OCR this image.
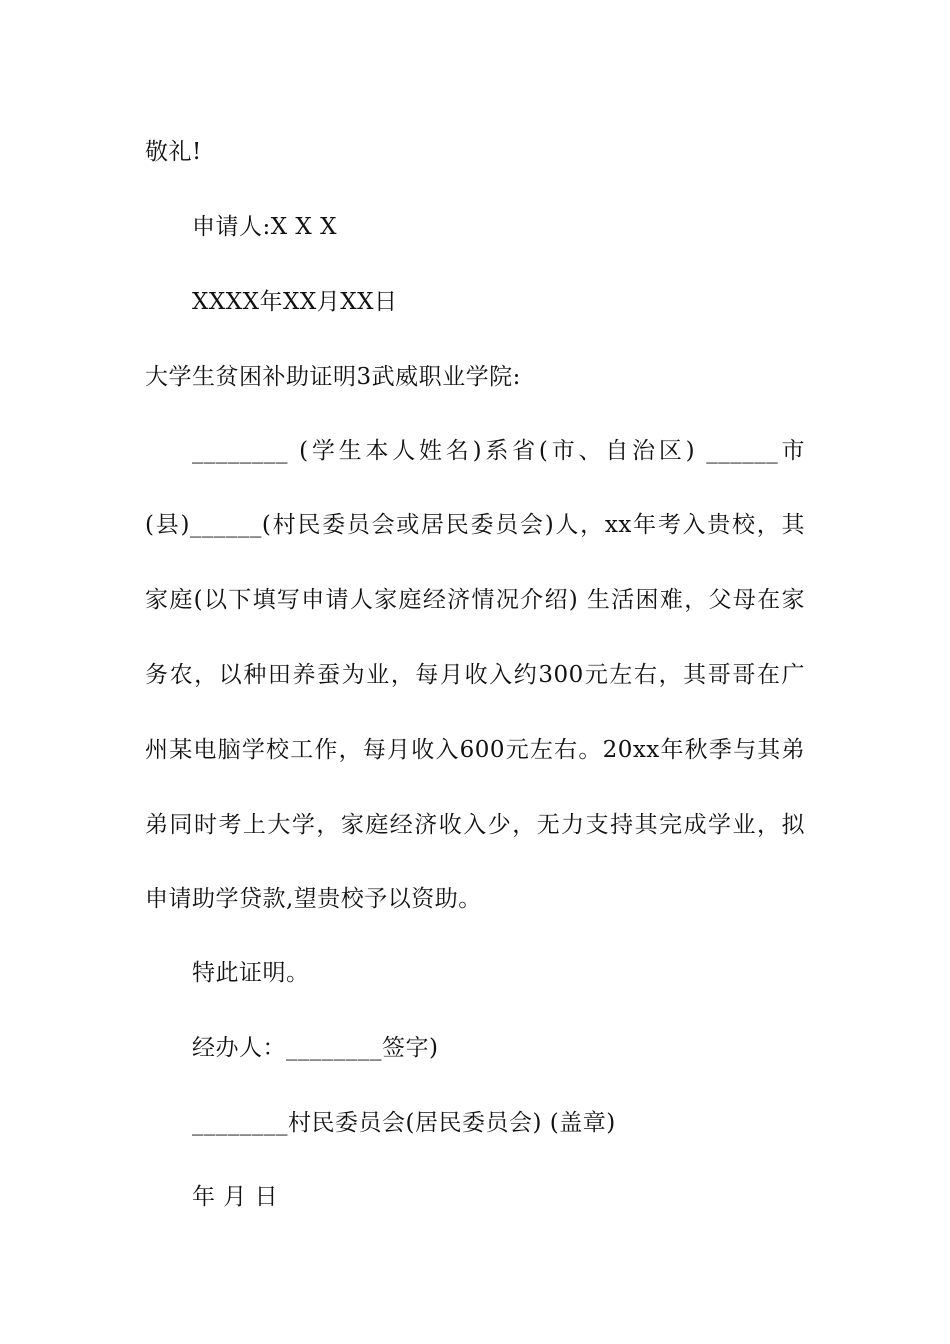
敬礼!
申请人:X X X
XXXX年XX月XX日
大学生贫困补助证明3武威职业学院:
________ (学生本人姓名)系省(市、自治区) ______市
(县)______(村民委员会或居民委员会)人，xx年考入贵校，其
家庭(以下填写申请人家庭经济情况介绍) 生活困难，父母在家
务农，以种田养蚕为业，每月收入约300元左右，其哥哥在广
州某电脑学校工作，每月收入600元左右。20xx年秋季与其弟
弟同时考上大学，家庭经济收入少，无力支持其完成学业，拟
申请助学贷款,望贵校予以资助。
特此证明。
经办人：________签字)
________村民委员会(居民委员会) (盖章)
年 月 日
